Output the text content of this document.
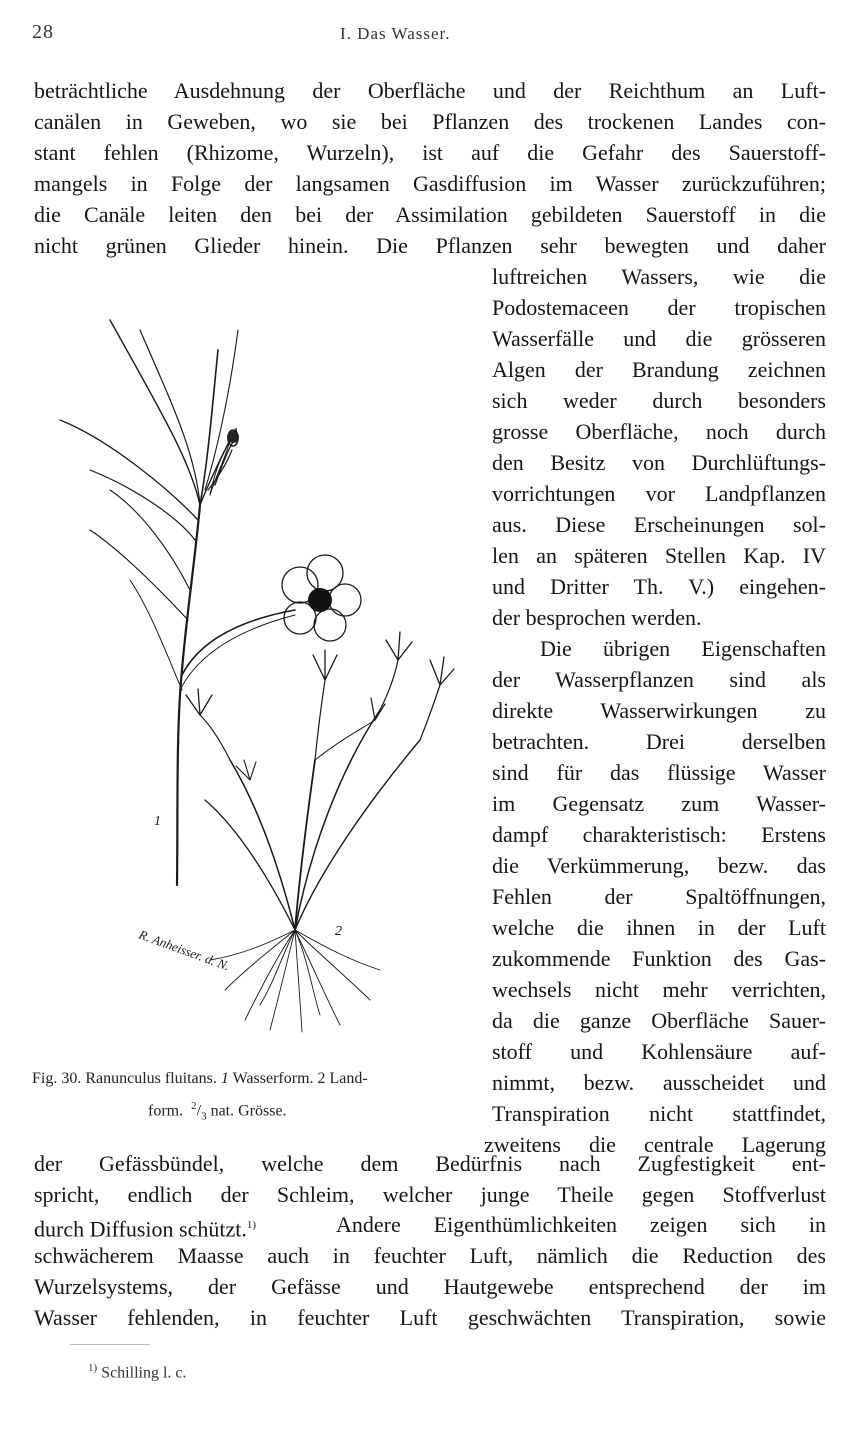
28	I. Das Wasser.
beträchtliche Ausdehnung der Oberfläche und der Reichthum an Luft-
canälen in Geweben, wo sie bei Pflanzen des trockenen Landes con-
stant fehlen (Rhizome, Wurzeln), ist auf die Gefahr des Sauerstoff-
mangels in Folge der langsamen Gasdiffusion im Wasser zurückzuführen;
die Canäle leiten den bei der Assimilation gebildeten Sauerstoff in die
nicht grünen Glieder hinein. Die Pflanzen sehr bewegten und daher
luftreichen Wassers, wie die
Podostemaceen der tropischen
Wasserfälle und die grösseren
Algen der Brandung zeichnen
sich weder durch besonders
grosse Oberfläche, noch durch
den Besitz von Durchlüftungs-
vorrichtungen vor Landpflanzen
aus. Diese Erscheinungen sol-
len an späteren Stellen Kap. IV
und Dritter Th. V.) eingehen-
der besprochen werden.
Die übrigen Eigenschaften
der Wasserpflanzen sind als
direkte Wasserwirkungen zu
betrachten. Drei derselben
sind für das flüssige Wasser
im Gegensatz zum Wasser-
dampf charakteristisch: Erstens
die Verkümmerung, bezw. das
Fehlen der Spaltöffnungen,
welche die ihnen in der Luft
zukommende Funktion des Gas-
wechsels nicht mehr verrichten,
da die ganze Oberfläche Sauer-
stoff und Kohlensäure auf-
nimmt, bezw. ausscheidet und
Transpiration nicht stattfindet,
zweitens die centrale Lagerung
1
2
R. Anheisser. d. N.
Fig. 30. Ranunculus fluitans. 1 Wasserform. 2 Land-
form. $^2/_3$ nat. Grösse.
der Gefässbündel, welche dem Bedürfnis nach Zugfestigkeit ent-
spricht, endlich der Schleim, welcher junge Theile gegen Stoffverlust
durch Diffusion schützt.$^{1)}$	Andere Eigenthümlichkeiten zeigen sich in
schwächerem Maasse auch in feuchter Luft, nämlich die Reduction des
Wurzelsystems, der Gefässe und Hautgewebe entsprechend der im
Wasser fehlenden, in feuchter Luft geschwächten Transpiration, sowie
$^{1)}$ Schilling l. c.
